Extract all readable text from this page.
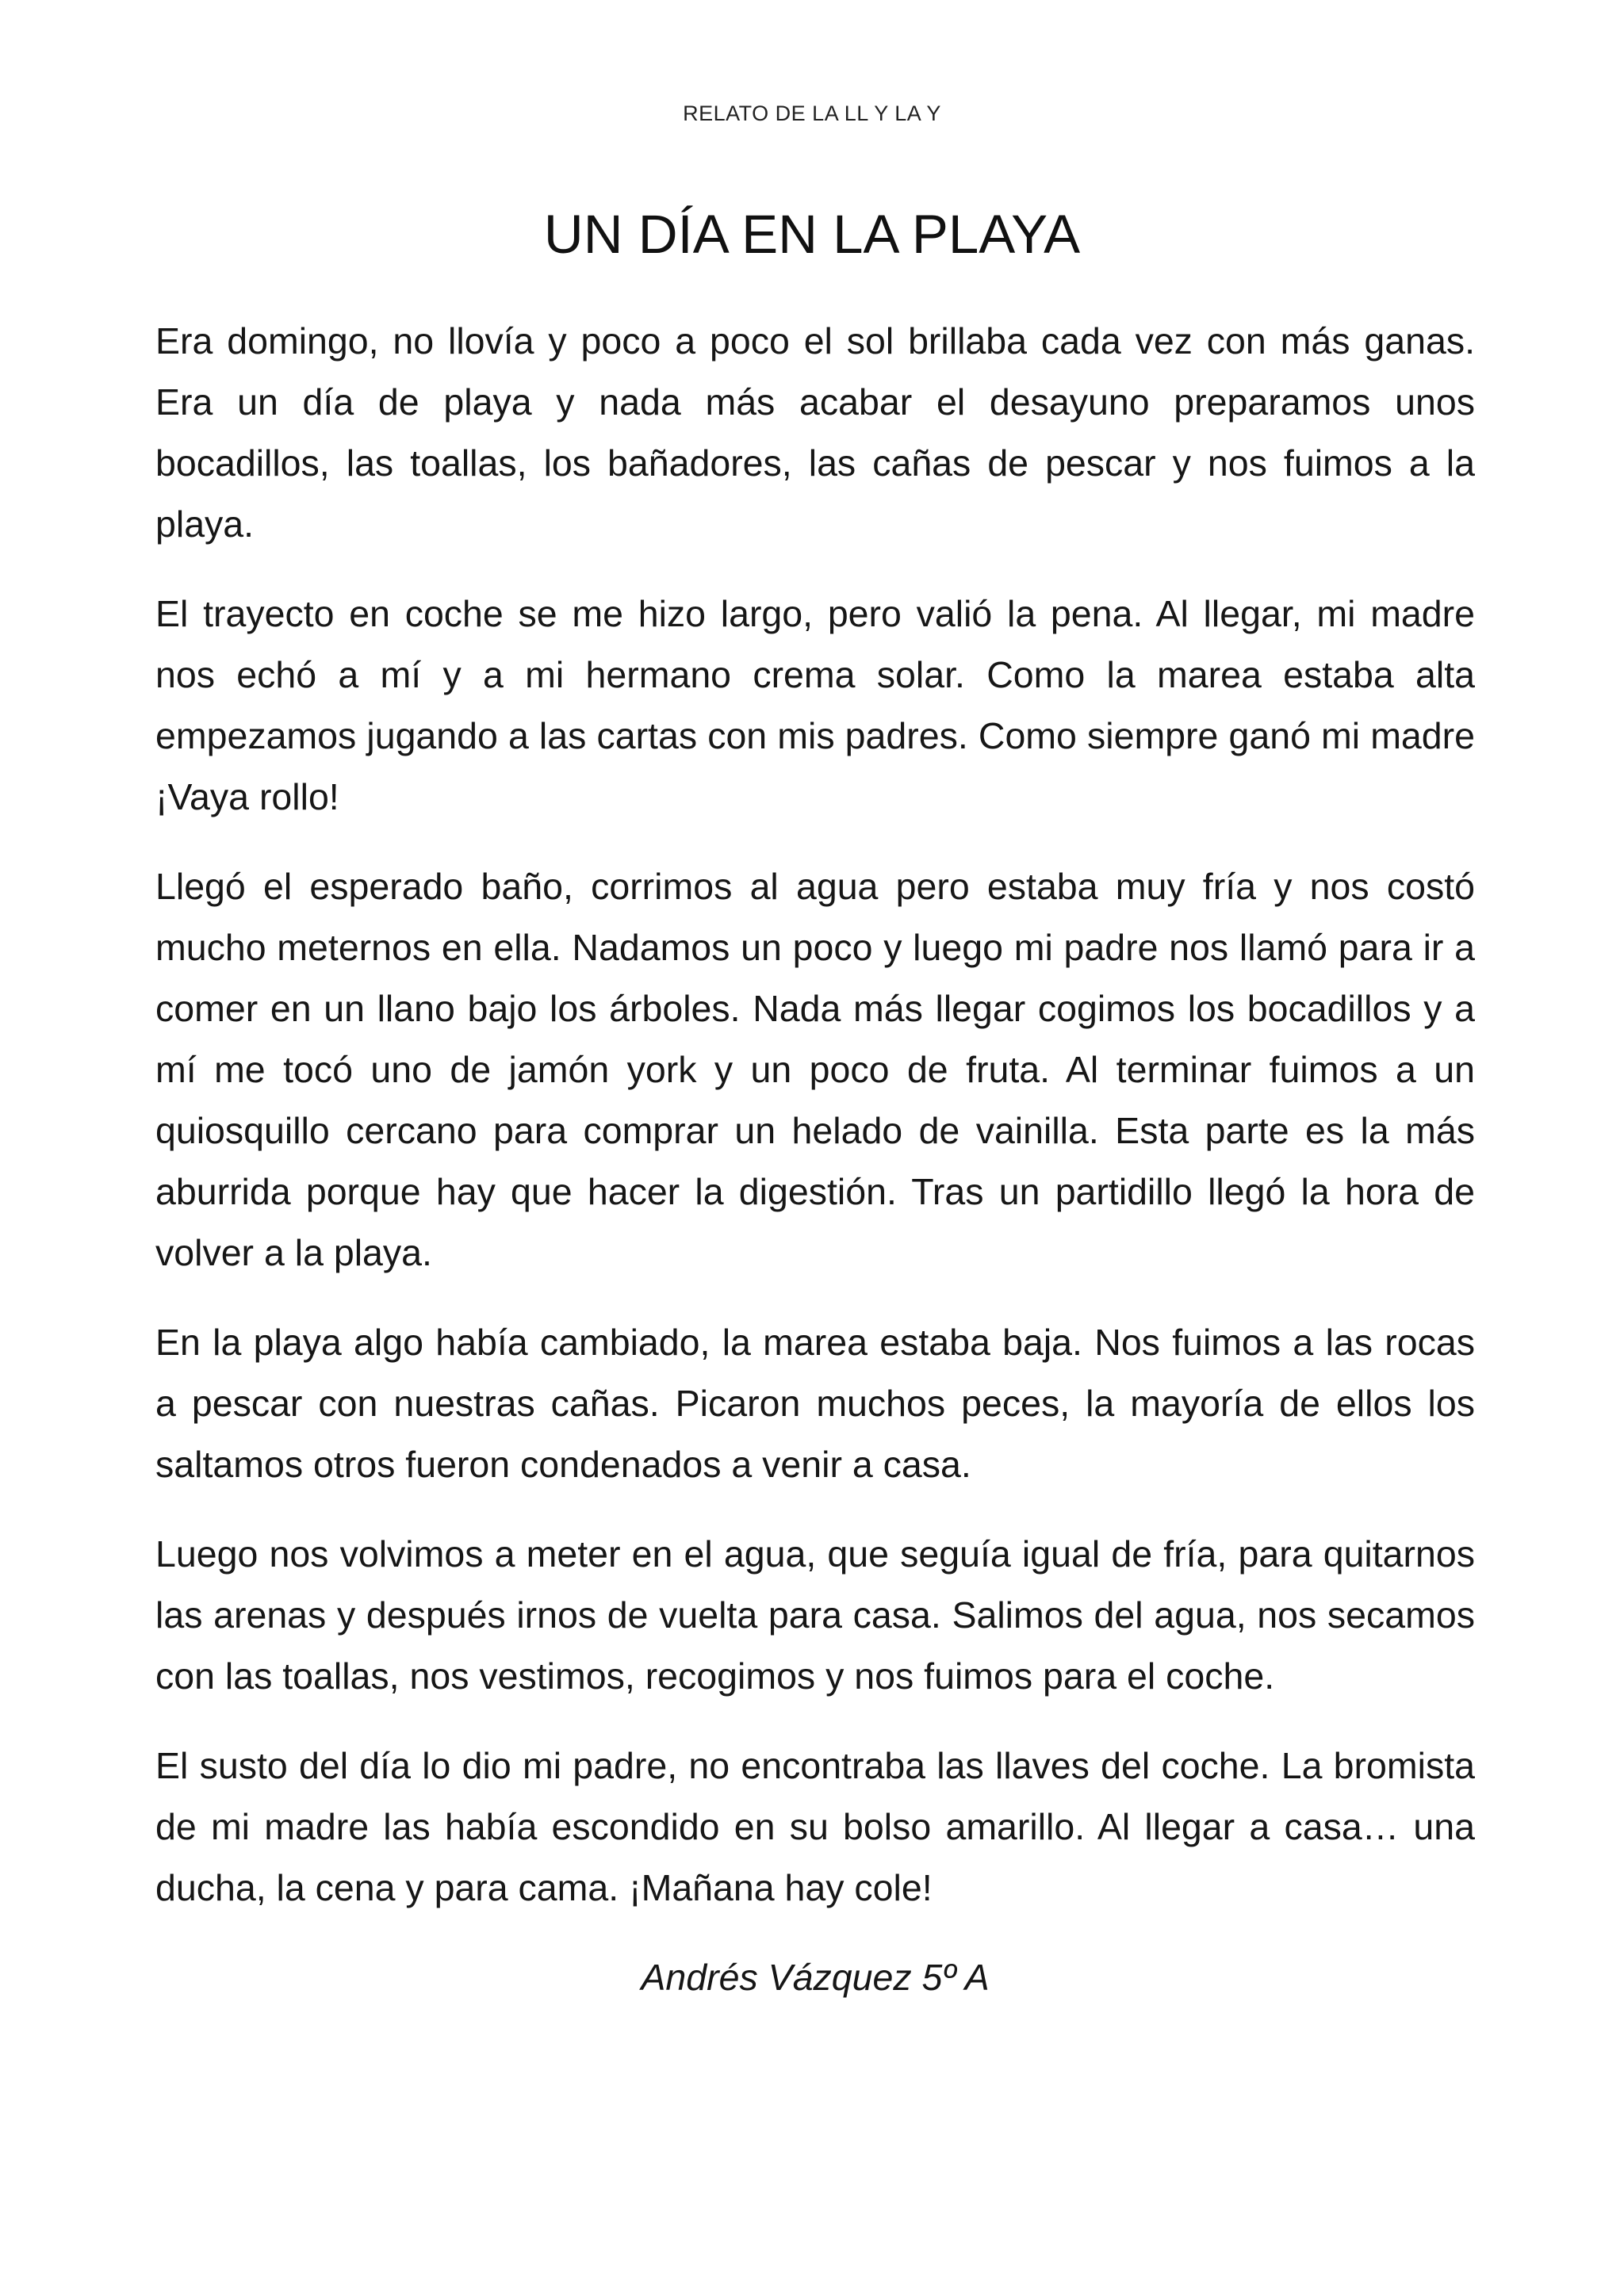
RELATO DE LA LL Y LA Y
UN DÍA EN LA PLAYA

Era domingo, no llovía y poco a poco el sol brillaba cada vez con más ganas. Era un día de playa y nada más acabar el desayuno preparamos unos bocadillos, las toallas, los bañadores, las cañas de pescar y nos fuimos a la playa.

El trayecto en coche se me hizo largo, pero valió la pena. Al llegar, mi madre nos echó a mí y a mi hermano crema solar. Como la marea estaba alta empezamos jugando a las cartas con mis padres. Como siempre ganó mi madre ¡Vaya rollo!

Llegó el esperado baño, corrimos al agua pero estaba muy fría y nos costó mucho meternos en ella. Nadamos un poco y luego mi padre nos llamó para ir a comer en un llano bajo los árboles. Nada más llegar cogimos los bocadillos y a mí me tocó uno de jamón york y un poco de fruta. Al terminar fuimos a un quiosquillo cercano para comprar un helado de vainilla. Esta parte es la más aburrida porque hay que hacer la digestión. Tras un partidillo llegó la hora de volver a la playa.

En la playa algo había cambiado, la marea estaba baja. Nos fuimos a las rocas a pescar con nuestras cañas. Picaron muchos peces, la mayoría de ellos los saltamos otros fueron condenados a venir a casa.

Luego nos volvimos a meter en el agua, que seguía igual de fría, para quitarnos las arenas y después irnos de vuelta para casa. Salimos del agua, nos secamos con las toallas, nos vestimos, recogimos y nos fuimos para el coche.

El susto del día lo dio mi padre, no encontraba las llaves del coche. La bromista de mi madre las había escondido en su bolso amarillo. Al llegar a casa… una ducha, la cena y para cama. ¡Mañana hay cole!

Andrés Vázquez 5º A
